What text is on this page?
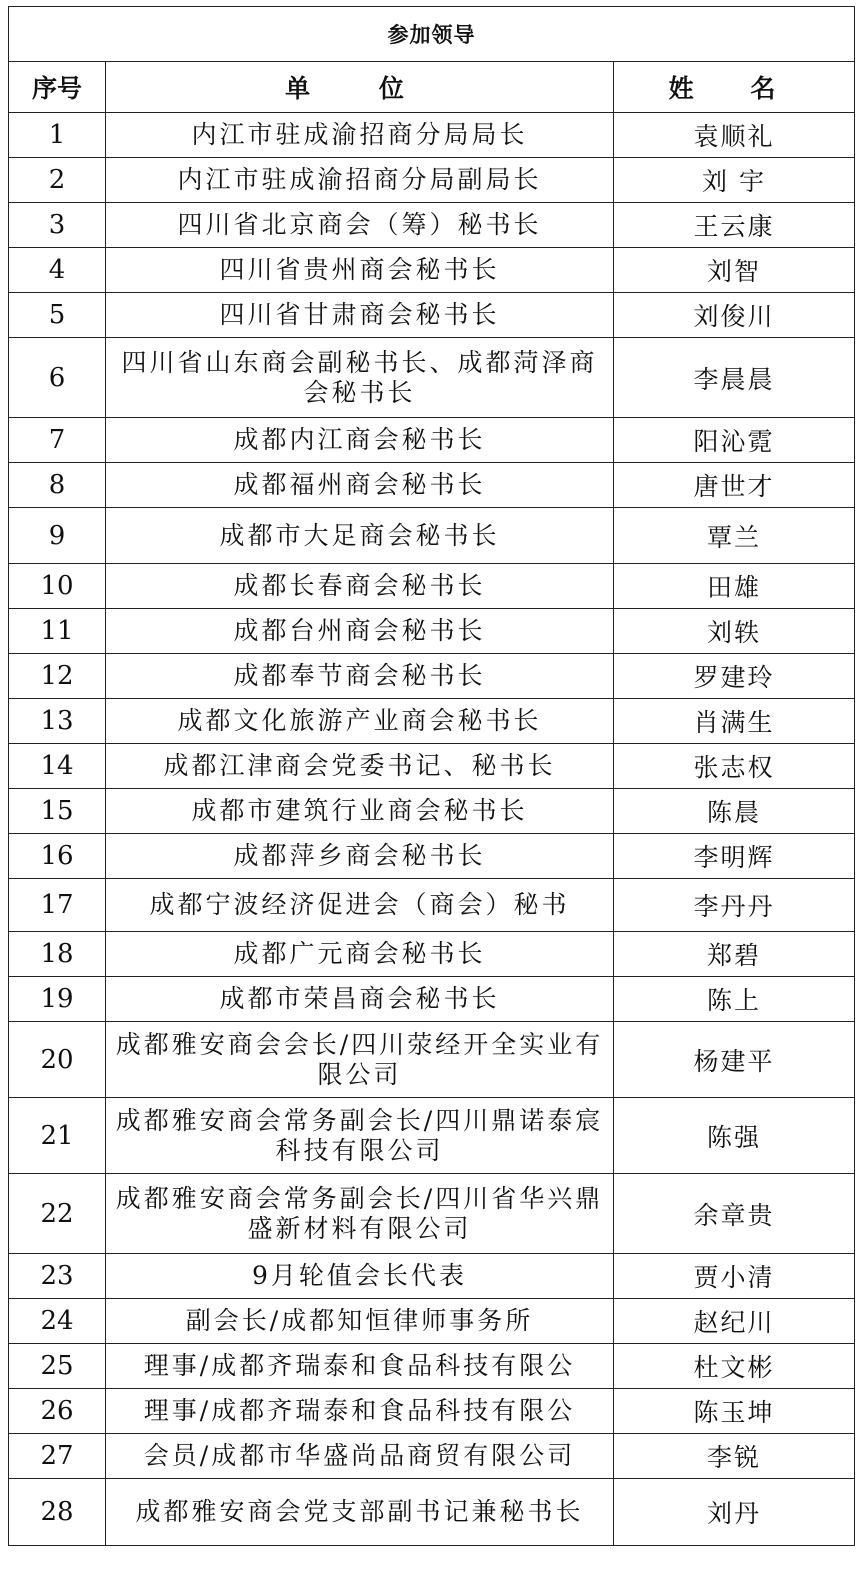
参加领导		
序号	单 位	姓 名
1	内江市驻成渝招商分局局长	袁顺礼
2	内江市驻成渝招商分局副局长	刘 宇
3	四川省北京商会（筹）秘书长	王云康
4	四川省贵州商会秘书长	刘智
5	四川省甘肃商会秘书长	刘俊川
6	四川省山东商会副秘书长、成都菏泽商会秘书长	李晨晨
7	成都内江商会秘书长	阳沁霓
8	成都福州商会秘书长	唐世才
9	成都市大足商会秘书长	覃兰
10	成都长春商会秘书长	田雄
11	成都台州商会秘书长	刘轶
12	成都奉节商会秘书长	罗建玲
13	成都文化旅游产业商会秘书长	肖满生
14	成都江津商会党委书记、秘书长	张志权
15	成都市建筑行业商会秘书长	陈晨
16	成都萍乡商会秘书长	李明辉
17	成都宁波经济促进会（商会）秘书	李丹丹
18	成都广元商会秘书长	郑碧
19	成都市荣昌商会秘书长	陈上
20	成都雅安商会会长/四川荥经开全实业有限公司	杨建平
21	成都雅安商会常务副会长/四川鼎诺泰宸科技有限公司	陈强
22	成都雅安商会常务副会长/四川省华兴鼎盛新材料有限公司	余章贵
23	9月轮值会长代表	贾小清
24	副会长/成都知恒律师事务所	赵纪川
25	理事/成都齐瑞泰和食品科技有限公	杜文彬
26	理事/成都齐瑞泰和食品科技有限公	陈玉坤
27	会员/成都市华盛尚品商贸有限公司	李锐
28	成都雅安商会党支部副书记兼秘书长	刘丹
